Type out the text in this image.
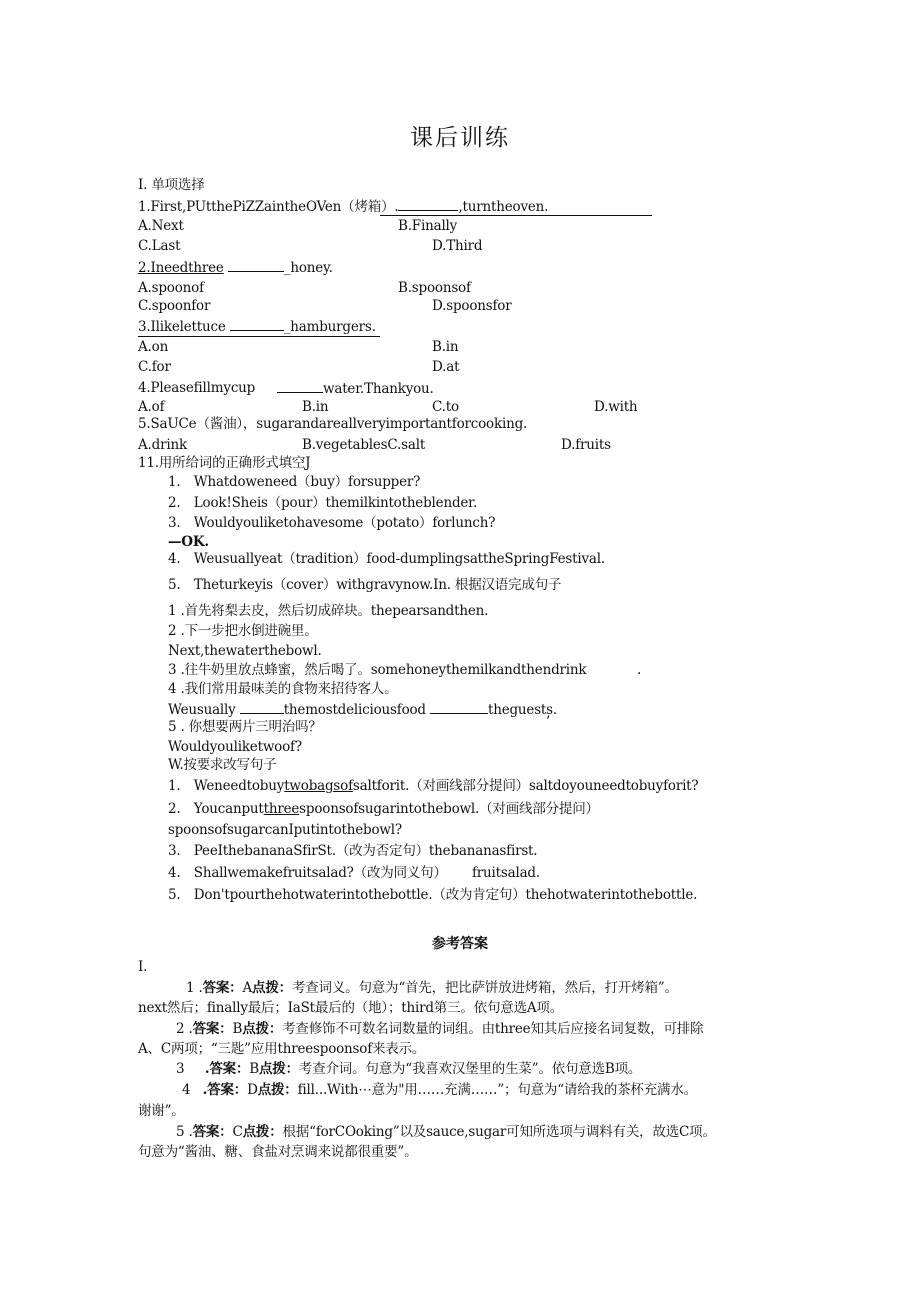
课后训练
I. 单项选择
1.First,PUtthePiZZaintheOVen（烤箱）.	,turntheoven.
A.Next	B.Finally
C.Last	D.Third
2.Ineedthree	_honey.
A.spoonof	B.spoonsof
C.spoonfor	D.spoonsfor
3.Ilikelettuce	_hamburgers.
A.on	B.in
C.for	D.at
4.Pleasefillmycup	water.Thankyou.
A.of	B.in	C.to	D.with
5.SaUCe（酱油），sugarandareallveryimportantforcooking.
A.drink	B.vegetablesC.salt	D.fruits
11.用所给词的正确形式填空J
1.　Whatdoweneed（buy）forsupper?
2.　Look!Sheis（pour）themilkintotheblender.
3.　Wouldyouliketohavesome（potato）forlunch?
—OK.
4.　Weusuallyeat（tradition）food-dumplingsattheSpringFestival.
5.　Theturkeyis（cover）withgravynow.In. 根据汉语完成句子
1 .首先将梨去皮，然后切成碎块。thepearsandthen.
2 .下一步把水倒进碗里。
Next,thewaterthebowl.
3 .往牛奶里放点蜂蜜，然后喝了。somehoneythemilkandthendrink	.
4 .我们常用最味美的食物来招待客人。
Weusually	themostdeliciousfood	theguests.
5 . 你想要两片三明治吗？	’
Wouldyouliketwoof?
W.按要求改写句子
1.　Weneedtobuytwobagsofsaltforit.（对画线部分提问）saltdoyouneedtobuyforit?
2.　Youcanputthreespoonsofsugarintothebowl.（对画线部分提问）
spoonsofsugarcanIputintothebowl?
3.　PeeIthebananaSfirSt.（改为否定句）thebananasfirst.
4.　Shallwemakefruitsalad?（改为同义句） fruitsalad.
5.　Don'tpourthehotwaterintothebottle.（改为肯定句）thehotwaterintothebottle.
参考答案
I.
1 .答案：A点拨：考查词义。句意为“首先，把比萨饼放进烤箱，然后，打开烤箱”。
next然后；finally最后；IaSt最后的（地）；third第三。依句意选A项。
2 .答案：B点拨：考查修饰不可数名词数量的词组。由three知其后应接名词复数，可排除
A、C两项；“三匙”应用threespoonsof来表示。
3 .答案：B点拨：考查介词。句意为“我喜欢汉堡里的生菜”。依句意选B项。
4 .答案：D点拨：fill...With⋯意为"用……充满……”；句意为“请给我的茶杯充满水。
谢谢”。
5 .答案：C点拨：根据“forCOoking”以及sauce,sugar可知所选项与调料有关，故选C项。
句意为“酱油、糖、食盐对烹调来说都很重要”。
